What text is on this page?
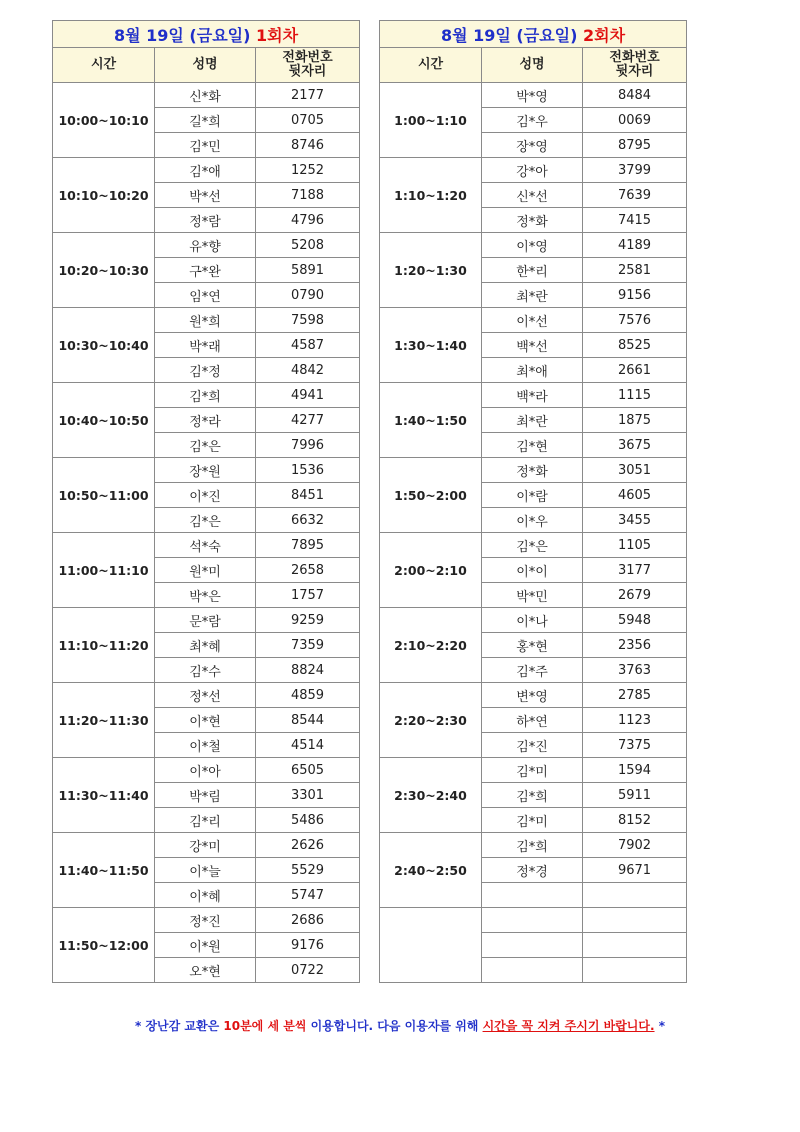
8월 19일 (금요일) 1회차		
시간	성명	전화번호
뒷자리
10:00~10:10	신*화	2177
	길*희	0705
	김*민	8746
10:10~10:20	김*애	1252
	박*선	7188
	정*람	4796
10:20~10:30	유*향	5208
	구*완	5891
	임*연	0790
10:30~10:40	원*희	7598
	박*래	4587
	김*정	4842
10:40~10:50	김*희	4941
	정*라	4277
	김*은	7996
10:50~11:00	장*원	1536
	이*진	8451
	김*은	6632
11:00~11:10	석*숙	7895
	원*미	2658
	박*은	1757
11:10~11:20	문*람	9259
	최*혜	7359
	김*수	8824
11:20~11:30	정*선	4859
	이*현	8544
	이*철	4514
11:30~11:40	이*아	6505
	박*림	3301
	김*리	5486
11:40~11:50	강*미	2626
	이*늘	5529
	이*혜	5747
11:50~12:00	정*진	2686
	이*원	9176
	오*현	0722
8월 19일 (금요일) 2회차		
시간	성명	전화번호
뒷자리
1:00~1:10	박*영	8484
	김*우	0069
	장*영	8795
1:10~1:20	강*아	3799
	신*선	7639
	정*화	7415
1:20~1:30	이*영	4189
	한*리	2581
	최*란	9156
1:30~1:40	이*선	7576
	백*선	8525
	최*애	2661
1:40~1:50	백*라	1115
	최*란	1875
	김*현	3675
1:50~2:00	정*화	3051
	이*람	4605
	이*우	3455
2:00~2:10	김*은	1105
	이*이	3177
	박*민	2679
2:10~2:20	이*나	5948
	홍*현	2356
	김*주	3763
2:20~2:30	변*영	2785
	하*연	1123
	김*진	7375
2:30~2:40	김*미	1594
	김*희	5911
	김*미	8152
2:40~2:50	김*희	7902
	정*경	9671

* 장난감 교환은 10분에 세 분씩 이용합니다. 다음 이용자를 위해 시간을 꼭 지켜 주시기 바랍니다. *
